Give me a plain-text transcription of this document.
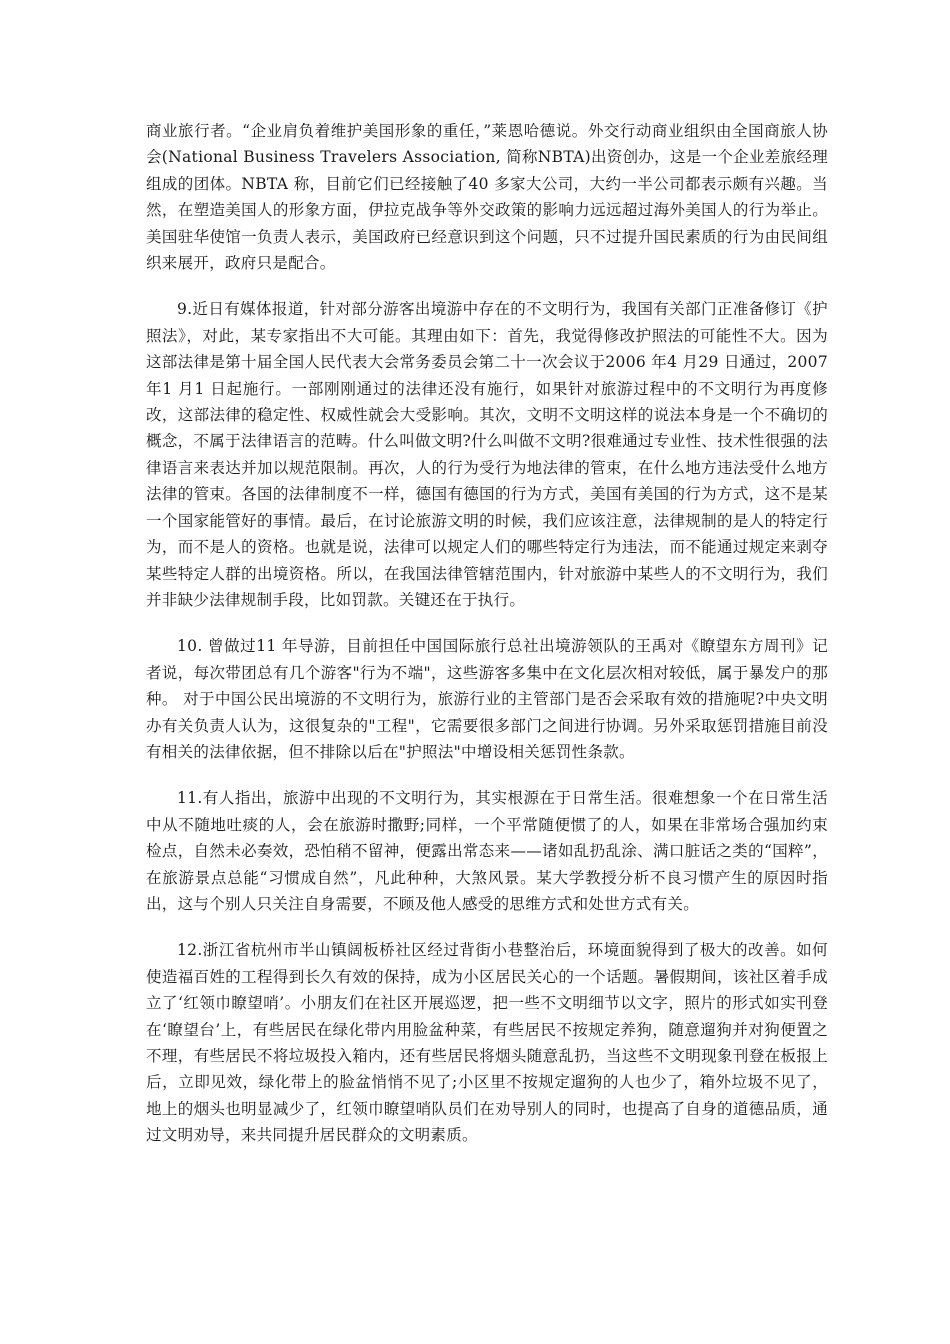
商业旅行者。“企业肩负着维护美国形象的重任，”莱恩哈德说。外交行动商业组织由全国商旅人协会(National Business Travelers Association, 简称NBTA)出资创办，这是一个企业差旅经理组成的团体。NBTA 称，目前它们已经接触了40 多家大公司，大约一半公司都表示颇有兴趣。当然，在塑造美国人的形象方面，伊拉克战争等外交政策的影响力远远超过海外美国人的行为举止。美国驻华使馆一负责人表示，美国政府已经意识到这个问题，只不过提升国民素质的行为由民间组织来展开，政府只是配合。

9.近日有媒体报道，针对部分游客出境游中存在的不文明行为，我国有关部门正准备修订《护照法》，对此，某专家指出不大可能。其理由如下：首先，我觉得修改护照法的可能性不大。因为这部法律是第十届全国人民代表大会常务委员会第二十一次会议于2006 年4 月29 日通过，2007 年1 月1 日起施行。一部刚刚通过的法律还没有施行，如果针对旅游过程中的不文明行为再度修改，这部法律的稳定性、权威性就会大受影响。其次，文明不文明这样的说法本身是一个不确切的概念，不属于法律语言的范畴。什么叫做文明?什么叫做不文明?很难通过专业性、技术性很强的法律语言来表达并加以规范限制。再次，人的行为受行为地法律的管束，在什么地方违法受什么地方法律的管束。各国的法律制度不一样，德国有德国的行为方式，美国有美国的行为方式，这不是某一个国家能管好的事情。最后，在讨论旅游文明的时候，我们应该注意，法律规制的是人的特定行为，而不是人的资格。也就是说，法律可以规定人们的哪些特定行为违法，而不能通过规定来剥夺某些特定人群的出境资格。所以，在我国法律管辖范围内，针对旅游中某些人的不文明行为，我们并非缺少法律规制手段，比如罚款。关键还在于执行。

10. 曾做过11 年导游，目前担任中国国际旅行总社出境游领队的王禹对《瞭望东方周刊》记者说，每次带团总有几个游客"行为不端"，这些游客多集中在文化层次相对较低，属于暴发户的那种。 对于中国公民出境游的不文明行为，旅游行业的主管部门是否会采取有效的措施呢?中央文明办有关负责人认为，这很复杂的"工程"，它需要很多部门之间进行协调。另外采取惩罚措施目前没有相关的法律依据，但不排除以后在"护照法"中增设相关惩罚性条款。

11.有人指出，旅游中出现的不文明行为，其实根源在于日常生活。很难想象一个在日常生活中从不随地吐痰的人，会在旅游时撒野;同样，一个平常随便惯了的人，如果在非常场合强加约束检点，自然未必奏效，恐怕稍不留神，便露出常态来——诸如乱扔乱涂、满口脏话之类的“国粹”，在旅游景点总能“习惯成自然”，凡此种种，大煞风景。某大学教授分析不良习惯产生的原因时指出，这与个别人只关注自身需要，不顾及他人感受的思维方式和处世方式有关。

12.浙江省杭州市半山镇阔板桥社区经过背街小巷整治后，环境面貌得到了极大的改善。如何使造福百姓的工程得到长久有效的保持，成为小区居民关心的一个话题。暑假期间，该社区着手成立了‘红领巾瞭望哨’。小朋友们在社区开展巡逻，把一些不文明细节以文字，照片的形式如实刊登在‘瞭望台’上，有些居民在绿化带内用脸盆种菜，有些居民不按规定养狗，随意遛狗并对狗便置之不理，有些居民不将垃圾投入箱内，还有些居民将烟头随意乱扔，当这些不文明现象刊登在板报上后，立即见效，绿化带上的脸盆悄悄不见了;小区里不按规定遛狗的人也少了，箱外垃圾不见了，地上的烟头也明显减少了，红领巾瞭望哨队员们在劝导别人的同时，也提高了自身的道德品质，通过文明劝导，来共同提升居民群众的文明素质。
